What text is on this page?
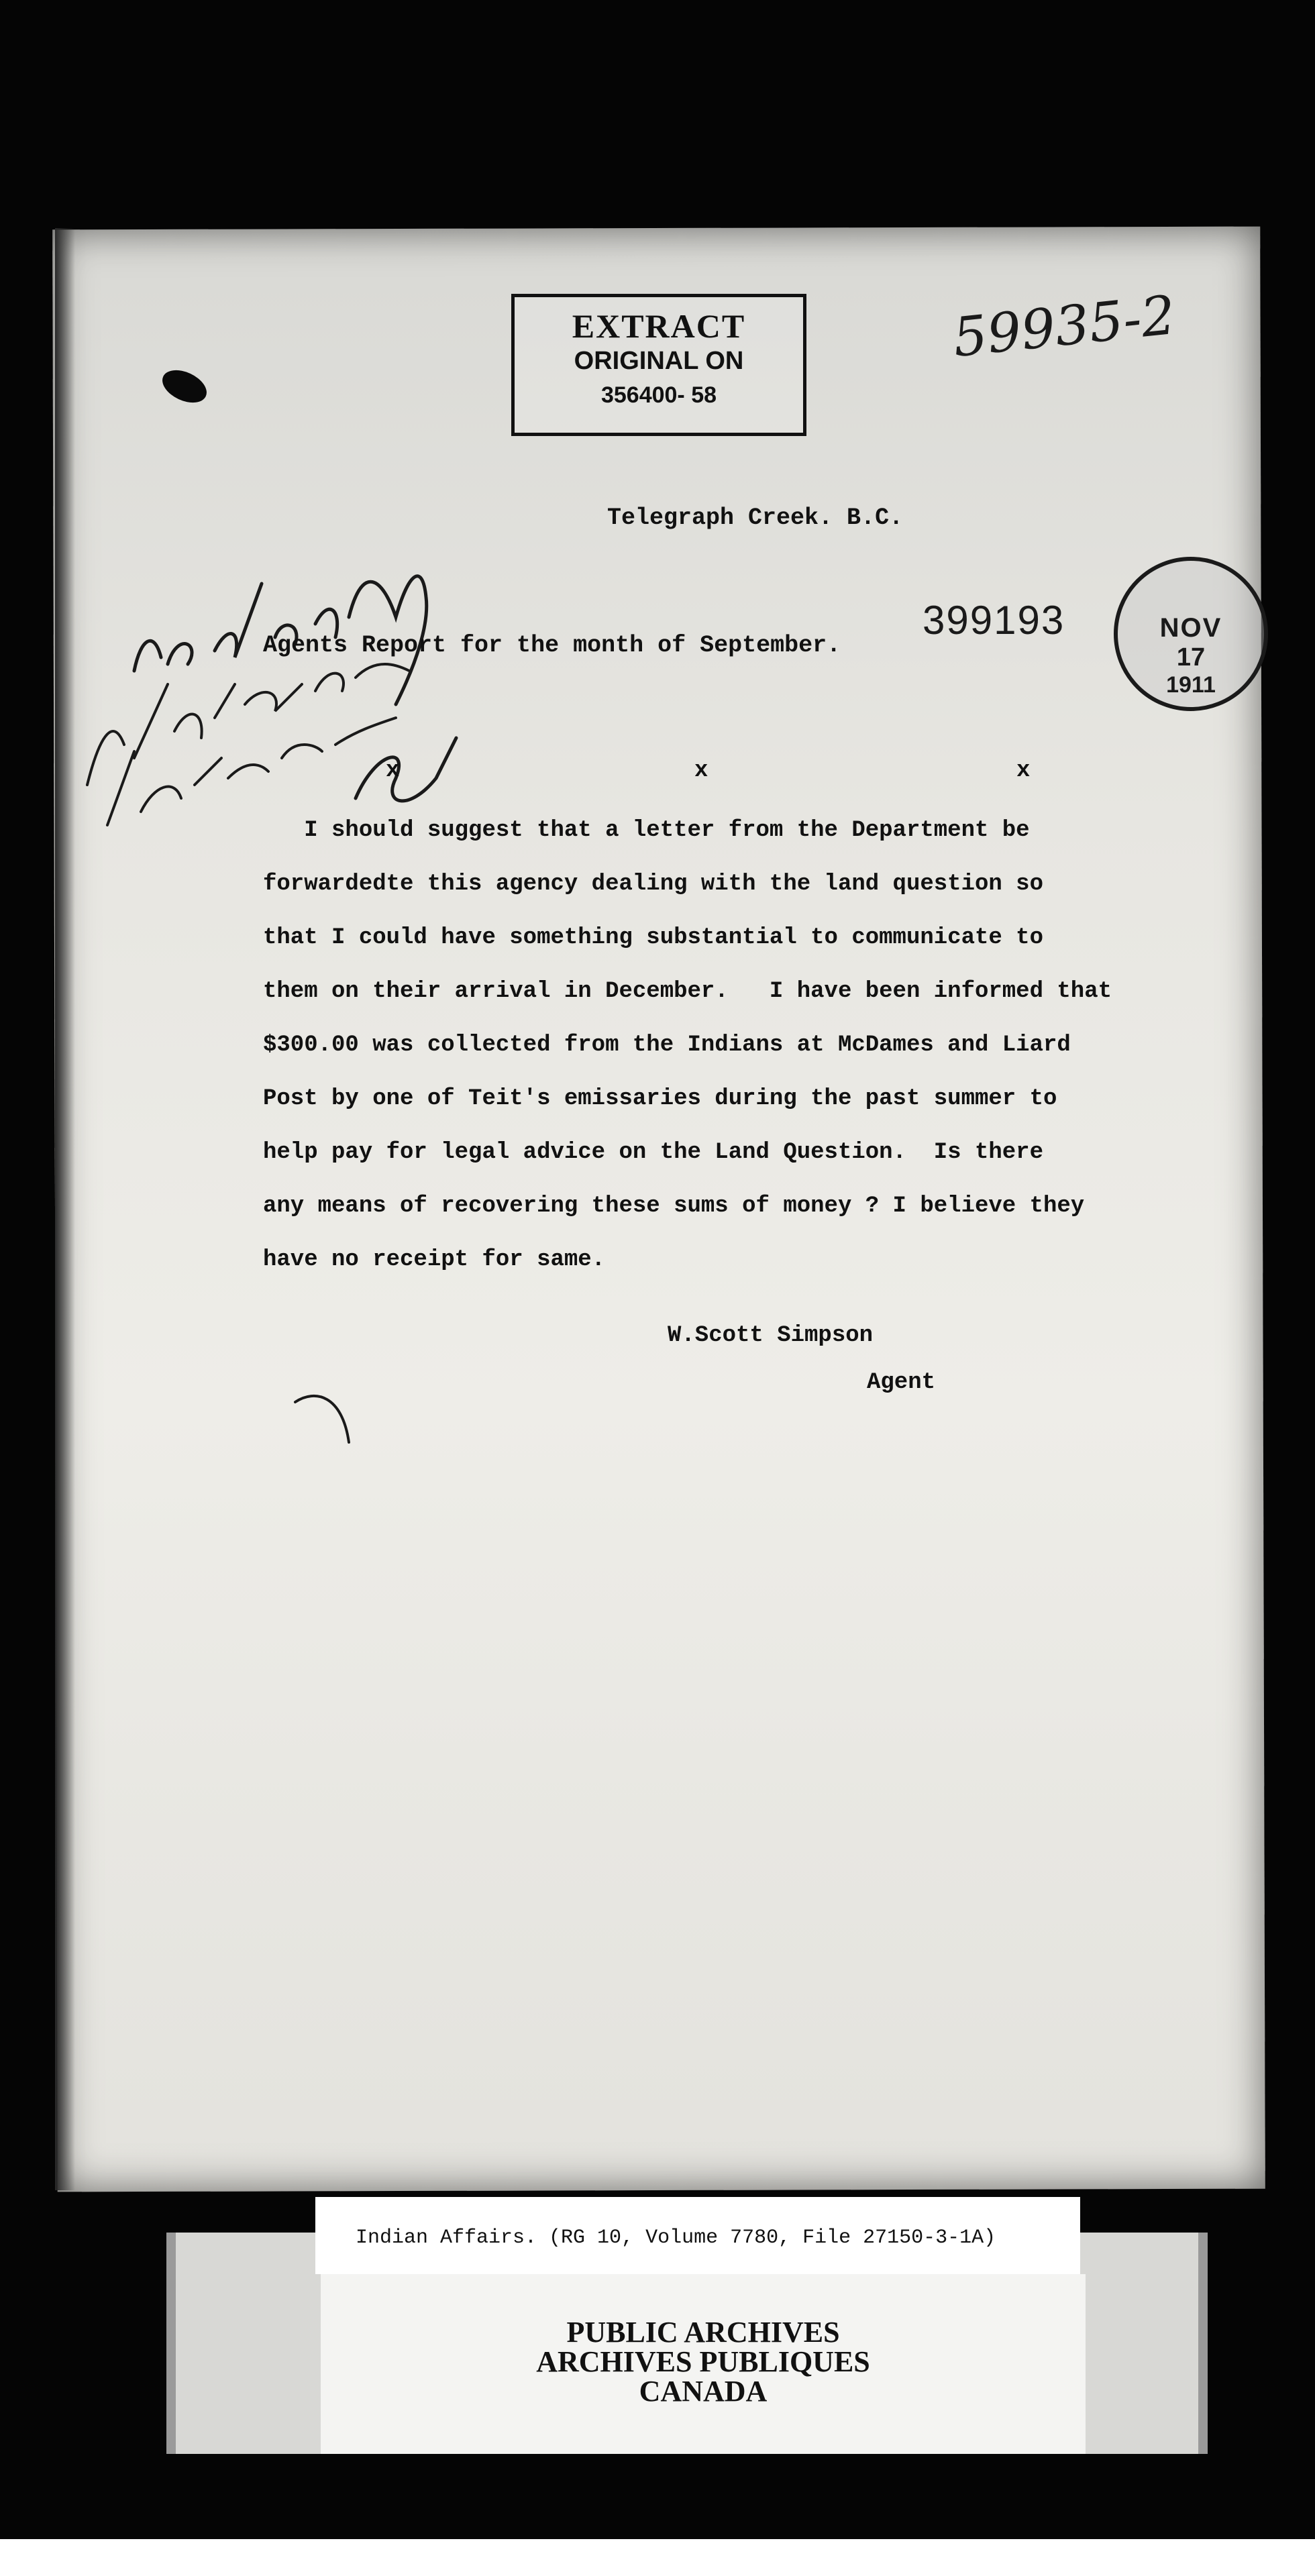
EXTRACT
ORIGINAL ON
356400- 58
59935-2
Telegraph Creek. B.C.
Agents Report for the month of September.
399193	NOV
17
1911
x	x	x
I should suggest that a letter from the Department be
forwardedte this agency dealing with the land question so
that I could have something substantial to communicate to
them on their arrival in December.   I have been informed that
$300.00 was collected from the Indians at McDames and Liard
Post by one of Teit's emissaries during the past summer to
help pay for legal advice on the Land Question.  Is there
any means of recovering these sums of money ? I believe they
have no receipt for same.
W.Scott Simpson
Agent
Indian Affairs. (RG 10, Volume 7780, File 27150-3-1A)
PUBLIC ARCHIVES
ARCHIVES PUBLIQUES
CANADA
